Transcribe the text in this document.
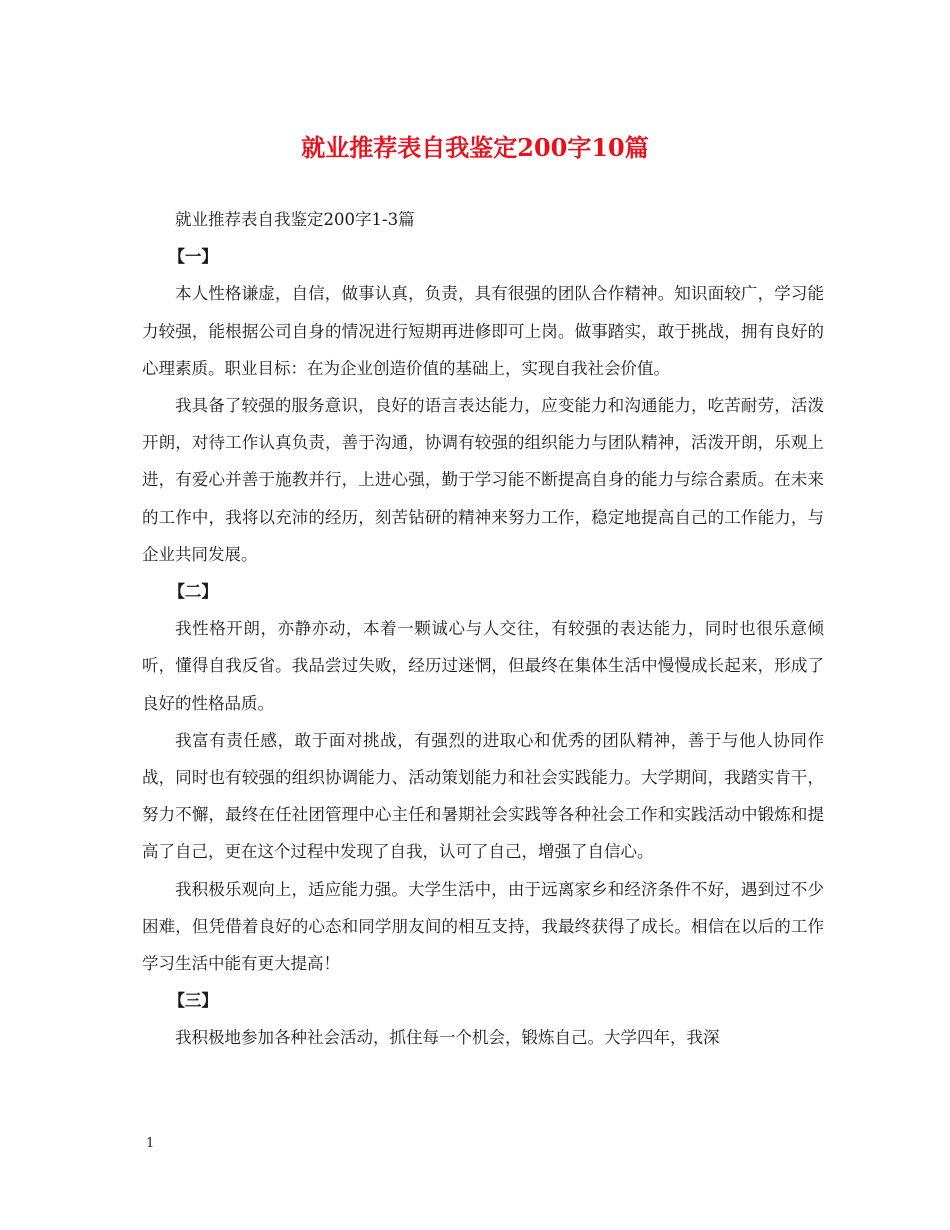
就业推荐表自我鉴定200字10篇

就业推荐表自我鉴定200字1-3篇

【一】

本人性格谦虚，自信，做事认真，负责，具有很强的团队合作精神。知识面较广，学习能力较强，能根据公司自身的情况进行短期再进修即可上岗。做事踏实，敢于挑战，拥有良好的心理素质。职业目标：在为企业创造价值的基础上，实现自我社会价值。

我具备了较强的服务意识，良好的语言表达能力，应变能力和沟通能力，吃苦耐劳，活泼开朗，对待工作认真负责，善于沟通，协调有较强的组织能力与团队精神，活泼开朗，乐观上进，有爱心并善于施教并行，上进心强，勤于学习能不断提高自身的能力与综合素质。在未来的工作中，我将以充沛的经历，刻苦钻研的精神来努力工作，稳定地提高自己的工作能力，与企业共同发展。

【二】

我性格开朗，亦静亦动，本着一颗诚心与人交往，有较强的表达能力，同时也很乐意倾听，懂得自我反省。我品尝过失败，经历过迷惘，但最终在集体生活中慢慢成长起来，形成了良好的性格品质。

我富有责任感，敢于面对挑战，有强烈的进取心和优秀的团队精神，善于与他人协同作战，同时也有较强的组织协调能力、活动策划能力和社会实践能力。大学期间，我踏实肯干，努力不懈，最终在任社团管理中心主任和暑期社会实践等各种社会工作和实践活动中锻炼和提高了自己，更在这个过程中发现了自我，认可了自己，增强了自信心。

我积极乐观向上，适应能力强。大学生活中，由于远离家乡和经济条件不好，遇到过不少困难，但凭借着良好的心态和同学朋友间的相互支持，我最终获得了成长。相信在以后的工作学习生活中能有更大提高！

【三】

我积极地参加各种社会活动，抓住每一个机会，锻炼自己。大学四年，我深

1
